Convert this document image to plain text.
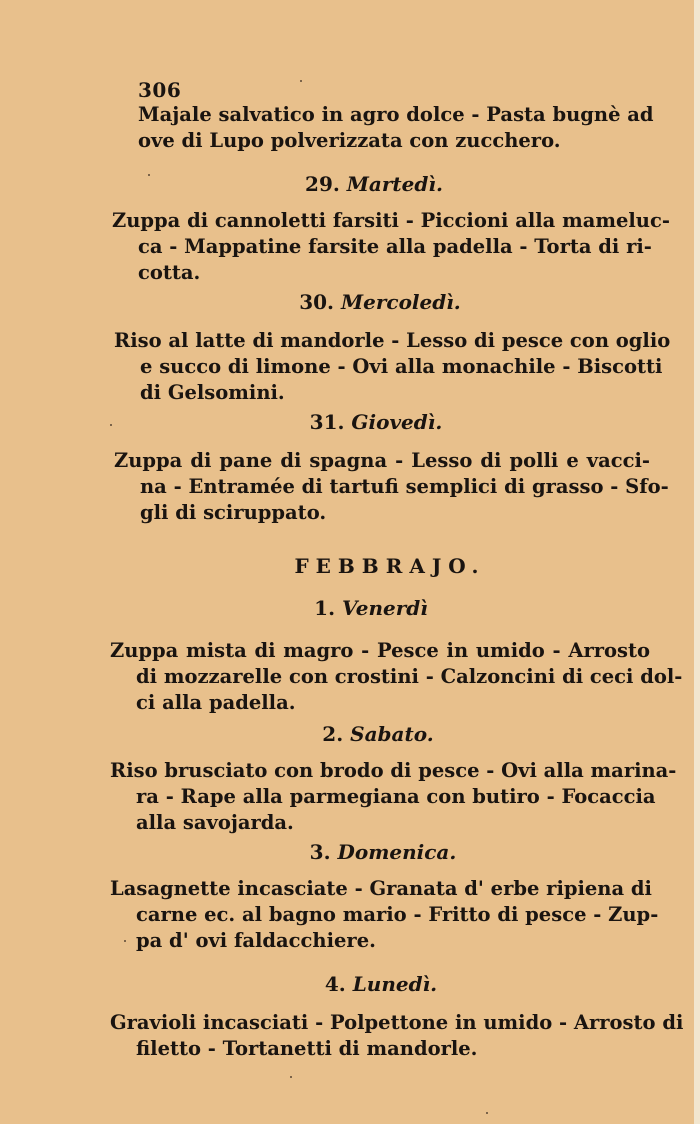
306
Majale salvatico in agro dolce - Pasta bugnè ad
ove di Lupo polverizzata con zucchero.
29. Martedì.
Zuppa di cannoletti farsiti - Piccioni alla mameluc-
ca - Mappatine farsite alla padella - Torta di ri-
cotta.
30. Mercoledì.
Riso al latte di mandorle - Lesso di pesce con oglio
e succo di limone - Ovi alla monachile - Biscotti
di Gelsomini.
31. Giovedì.
Zuppa di pane di spagna - Lesso di polli e vacci-
na - Entramée di tartufi semplici di grasso - Sfo-
gli di sciruppato.
FEBBRAJO.
1. Venerdì
Zuppa mista di magro - Pesce in umido - Arrosto
di mozzarelle con crostini - Calzoncini di ceci dol-
ci alla padella.
2. Sabato.
Riso brusciato con brodo di pesce - Ovi alla marina-
ra - Rape alla parmegiana con butiro - Focaccia
alla savojarda.
3. Domenica.
Lasagnette incasciate - Granata d' erbe ripiena di
carne ec. al bagno mario - Fritto di pesce - Zup-
pa d' ovi faldacchiere.
4. Lunedì.
Gravioli incasciati - Polpettone in umido - Arrosto di
filetto - Tortanetti di mandorle.
